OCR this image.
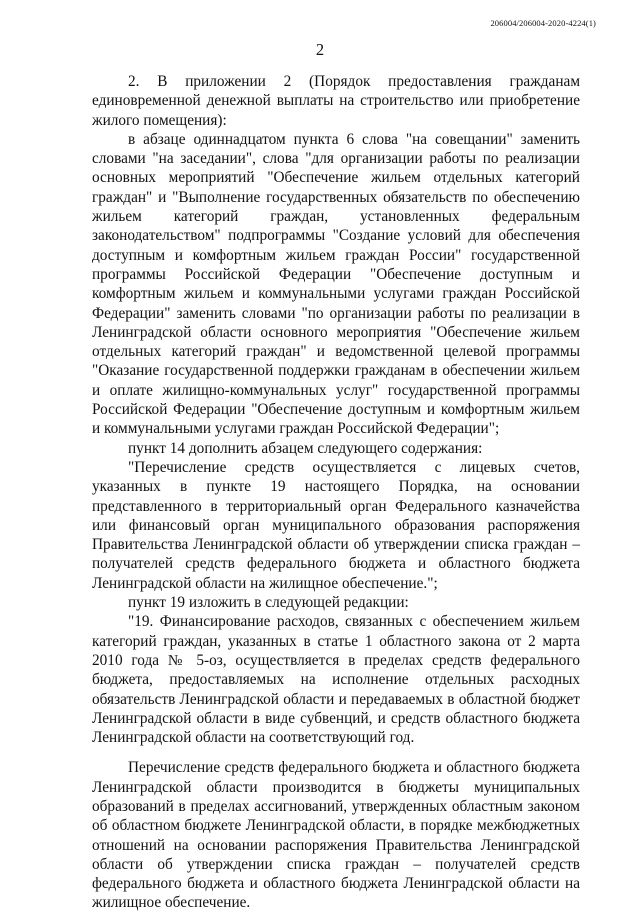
206004/206004-2020-4224(1)
2

2. В приложении 2 (Порядок предоставления гражданам единовременной денежной выплаты на строительство или приобретение жилого помещения):

в абзаце одиннадцатом пункта 6 слова "на совещании" заменить словами "на заседании", слова "для организации работы по реализации основных мероприятий "Обеспечение жильем отдельных категорий граждан" и "Выполнение государственных обязательств по обеспечению жильем категорий граждан, установленных федеральным законодательством" подпрограммы "Создание условий для обеспечения доступным и комфортным жильем граждан России" государственной программы Российской Федерации "Обеспечение доступным и комфортным жильем и коммунальными услугами граждан Российской Федерации" заменить словами "по организации работы по реализации в Ленинградской области основного мероприятия "Обеспечение жильем отдельных категорий граждан" и ведомственной целевой программы "Оказание государственной поддержки гражданам в обеспечении жильем и оплате жилищно-коммунальных услуг" государственной программы Российской Федерации "Обеспечение доступным и комфортным жильем и коммунальными услугами граждан Российской Федерации";

пункт 14 дополнить абзацем следующего содержания:

"Перечисление средств осуществляется с лицевых счетов, указанных в пункте 19 настоящего Порядка, на основании представленного в территориальный орган Федерального казначейства или финансовый орган муниципального образования распоряжения Правительства Ленинградской области об утверждении списка граждан – получателей средств федерального бюджета и областного бюджета Ленинградской области на жилищное обеспечение.";

пункт 19 изложить в следующей редакции:

"19. Финансирование расходов, связанных с обеспечением жильем категорий граждан, указанных в статье 1 областного закона от 2 марта 2010 года № 5-оз, осуществляется в пределах средств федерального бюджета, предоставляемых на исполнение отдельных расходных обязательств Ленинградской области и передаваемых в областной бюджет Ленинградской области в виде субвенций, и средств областного бюджета Ленинградской области на соответствующий год.

Перечисление средств федерального бюджета и областного бюджета Ленинградской области производится в бюджеты муниципальных образований в пределах ассигнований, утвержденных областным законом об областном бюджете Ленинградской области, в порядке межбюджетных отношений на основании распоряжения Правительства Ленинградской области об утверждении списка граждан – получателей средств федерального бюджета и областного бюджета Ленинградской области на жилищное обеспечение.
